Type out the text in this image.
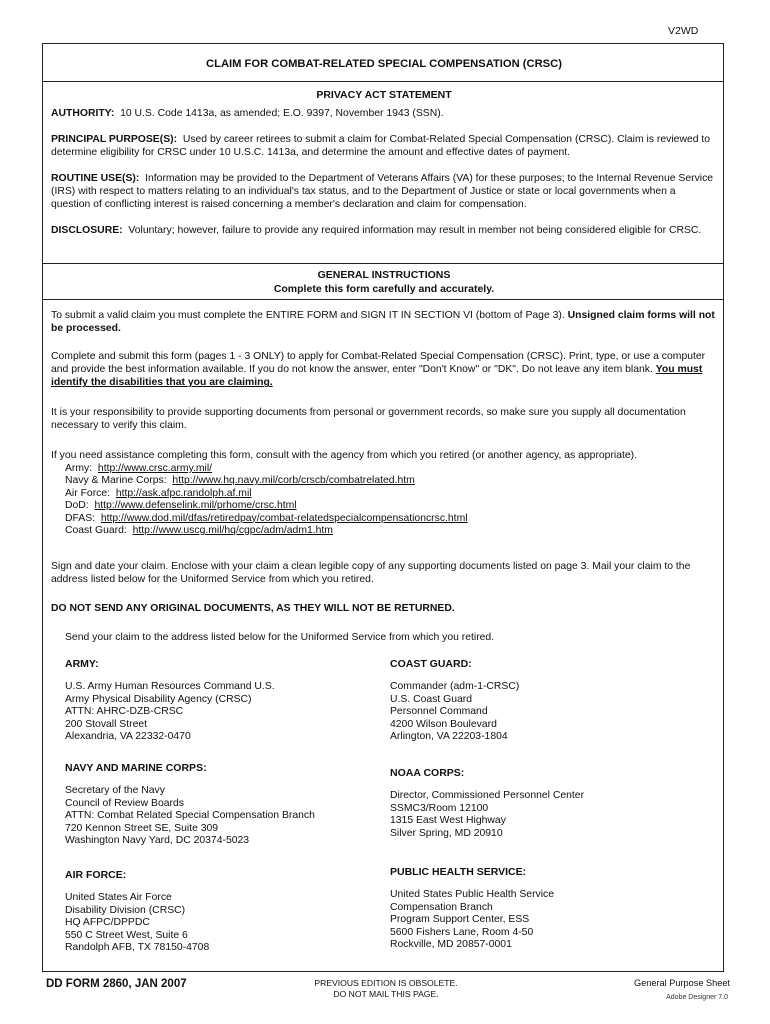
V2WD
CLAIM FOR COMBAT-RELATED SPECIAL COMPENSATION (CRSC)
PRIVACY ACT STATEMENT
AUTHORITY: 10 U.S. Code 1413a, as amended; E.O. 9397, November 1943 (SSN).
PRINCIPAL PURPOSE(S): Used by career retirees to submit a claim for Combat-Related Special Compensation (CRSC). Claim is reviewed to determine eligibility for CRSC under 10 U.S.C. 1413a, and determine the amount and effective dates of payment.
ROUTINE USE(S): Information may be provided to the Department of Veterans Affairs (VA) for these purposes; to the Internal Revenue Service (IRS) with respect to matters relating to an individual's tax status, and to the Department of Justice or state or local governments when a question of conflicting interest is raised concerning a member's declaration and claim for compensation.
DISCLOSURE: Voluntary; however, failure to provide any required information may result in member not being considered eligible for CRSC.
GENERAL INSTRUCTIONS
Complete this form carefully and accurately.
To submit a valid claim you must complete the ENTIRE FORM and SIGN IT IN SECTION VI (bottom of Page 3). Unsigned claim forms will not be processed.
Complete and submit this form (pages 1 - 3 ONLY) to apply for Combat-Related Special Compensation (CRSC). Print, type, or use a computer and provide the best information available. If you do not know the answer, enter "Don't Know" or "DK". Do not leave any item blank. You must identify the disabilities that you are claiming.
It is your responsibility to provide supporting documents from personal or government records, so make sure you supply all documentation necessary to verify this claim.
If you need assistance completing this form, consult with the agency from which you retired (or another agency, as appropriate).
Army: http://www.crsc.army.mil/
Navy & Marine Corps: http://www.hq.navy.mil/corb/crscb/combatrelated.htm
Air Force: http://ask.afpc.randolph.af.mil
DoD: http://www.defenselink.mil/prhome/crsc.html
DFAS: http://www.dod.mil/dfas/retiredpay/combat-relatedspecialcompensationcrsc.html
Coast Guard: http://www.uscg.mil/hq/cgpc/adm/adm1.htm
Sign and date your claim. Enclose with your claim a clean legible copy of any supporting documents listed on page 3. Mail your claim to the address listed below for the Uniformed Service from which you retired.
DO NOT SEND ANY ORIGINAL DOCUMENTS, AS THEY WILL NOT BE RETURNED.
Send your claim to the address listed below for the Uniformed Service from which you retired.
ARMY:
U.S. Army Human Resources Command U.S.
Army Physical Disability Agency (CRSC)
ATTN: AHRC-DZB-CRSC
200 Stovall Street
Alexandria, VA 22332-0470
NAVY AND MARINE CORPS:
Secretary of the Navy
Council of Review Boards
ATTN: Combat Related Special Compensation Branch
720 Kennon Street SE, Suite 309
Washington Navy Yard, DC 20374-5023
AIR FORCE:
United States Air Force
Disability Division (CRSC)
HQ AFPC/DPPDC
550 C Street West, Suite 6
Randolph AFB, TX 78150-4708
COAST GUARD:
Commander (adm-1-CRSC)
U.S. Coast Guard
Personnel Command
4200 Wilson Boulevard
Arlington, VA 22203-1804
NOAA CORPS:
Director, Commissioned Personnel Center
SSMC3/Room 12100
1315 East West Highway
Silver Spring, MD 20910
PUBLIC HEALTH SERVICE:
United States Public Health Service
Compensation Branch
Program Support Center, ESS
5600 Fishers Lane, Room 4-50
Rockville, MD 20857-0001
DD FORM 2860, JAN 2007	PREVIOUS EDITION IS OBSOLETE.
DO NOT MAIL THIS PAGE.
General Purpose Sheet
Adobe Designer 7.0
